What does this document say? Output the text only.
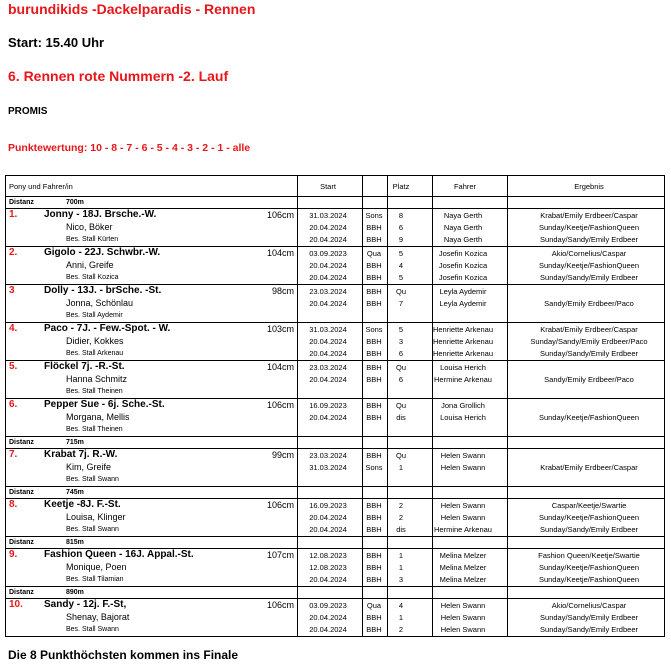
burundikids -Dackelparadis - Rennen
Start: 15.40 Uhr
6. Rennen rote Nummern -2. Lauf
PROMIS
Punktewertung: 10 - 8 - 7 - 6 - 5 - 4 - 3 - 2 - 1 - alle
Pony und Fahrer/in	Start	Platz	Fahrer	Ergebnis
Distanz	700m
1.	Jonny - 18J. Brsche.-W.	106cm
Nico, Böker
Bes. Stall Kürten
31.03.2024	Sons	8	Naya Gerth	Krabat/Emily Erdbeer/Caspar
20.04.2024	BBH	6	Naya Gerth	Sunday/Keetje/FashionQueen
20.04.2024	BBH	9	Naya Gerth	Sunday/Sandy/Emily Erdbeer
2.	Gigolo - 22J. Schwbr.-W.	104cm
Anni, Greife
Bes. Stall Kozica
03.09.2023	Qua	5	Josefin Kozica	Akio/Cornelius/Caspar
20.04.2024	BBH	4	Josefin Kozica	Sunday/Keetje/FashionQueen
20.04.2024	BBH	5	Josefin Kozica	Sunday/Sandy/Emily Erdbeer
3	Dolly - 13J. - brSche. -St.	98cm
Jonna, Schönlau
Bes. Stall Aydemir
23.03.2024	BBH	Qu	Leyla Aydemir
20.04.2024	BBH	7	Leyla Aydemir	Sandy/Emily Erdbeer/Paco
4.	Paco - 7J. - Few.-Spot. - W.	103cm
Didier, Kokkes
Bes. Stall Arkenau
31.03.2024	Sons	5	Henriette Arkenau	Krabat/Emily Erdbeer/Caspar
20.04.2024	BBH	3	Henriette Arkenau	Sunday/Sandy/Emily Erdbeer/Paco
20.04.2024	BBH	6	Henriette Arkenau	Sunday/Sandy/Emily Erdbeer
5.	Flöckel 7j. -R.-St.	104cm
Hanna Schmitz
Bes. Stall Theinen
23.03.2024	BBH	Qu	Louisa Herich
20.04.2024	BBH	6	Hermine Arkenau	Sandy/Emily Erdbeer/Paco
6.	Pepper Sue - 6j. Sche.-St.	106cm
Morgana, Mellis
Bes. Stall Theinen
16.09.2023	BBH	Qu	Jona Grollich
20.04.2024	BBH	dis	Louisa Herich	Sunday/Keetje/FashionQueen
Distanz	715m
7.	Krabat 7j. R.-W.	99cm
Kim, Greife
Bes. Stall Swann
23.03.2024	BBH	Qu	Helen Swann
31.03.2024	Sons	1	Helen Swann	Krabat/Emily Erdbeer/Caspar
Distanz	745m
8.	Keetje -8J. F.-St.	106cm
Louisa, Klinger
Bes. Stall Swann
16.09.2023	BBH	2	Helen Swann	Caspar/Keetje/Swartie
20.04.2024	BBH	2	Helen Swann	Sunday/Keetje/FashionQueen
20.04.2024	BBH	dis	Hermine Arkenau	Sunday/Sandy/Emily Erdbeer
Distanz	815m
9.	Fashion Queen - 16J. Appal.-St.	107cm
Monique, Poen
Bes. Stall Tilamian
12.08.2023	BBH	1	Melina Melzer	Fashion Queen/Keetje/Swartie
12.08.2023	BBH	1	Melina Melzer	Sunday/Keetje/FashionQueen
20.04.2024	BBH	3	Melina Melzer	Sunday/Keetje/FashionQueen
Distanz	890m
10. Sandy - 12j. F.-St,	106cm
Shenay, Bajorat
Bes. Stall Swann
03.09.2023	Qua	4	Helen Swann	Akio/Cornelius/Caspar
20.04.2024	BBH	1	Helen Swann	Sunday/Sandy/Emily Erdbeer
20.04.2024	BBH	2	Helen Swann	Sunday/Sandy/Emily Erdbeer
Die 8 Punkthöchsten kommen ins Finale
